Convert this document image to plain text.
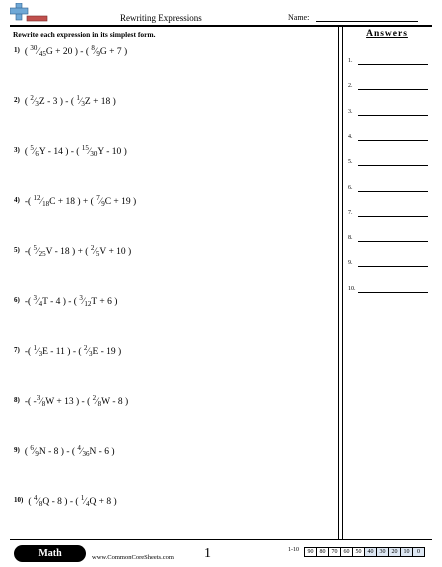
Rewriting Expressions	Name:
Rewrite each expression in its simplest form.	Answers
$^{1)}$ ( 30⁄45G + 20 ) - ( 8⁄9G + 7 )
$^{2)}$ ( 2⁄3Z - 3 ) - ( 1⁄3Z + 18 )
$^{3)}$ ( 5⁄6Y - 14 ) - ( 15⁄30Y - 10 )
$^{4)}$ -( 12⁄18C + 18 ) + ( 7⁄9C + 19 )
$^{5)}$ -( 5⁄25V - 18 ) + ( 2⁄5V + 10 )
$^{6)}$ -( 3⁄4T - 4 ) - ( 3⁄12T + 6 )
$^{7)}$ -( 1⁄3E - 11 ) - ( 2⁄3E - 19 )
$^{8)}$ -( -3⁄8W + 13 ) - ( 2⁄8W - 8 )
$^{9)}$ ( 6⁄9N - 8 ) - ( 4⁄36N - 6 )
$^{10)}$ ( 4⁄8Q - 8 ) - ( 1⁄4Q + 8 )
1.
2.
3.
4.
5.
6.
7.
8.
9.
10.
Math	www.CommonCoreSheets.com 1	1-10	90	80	70	60	50	40	30	20	10	0
